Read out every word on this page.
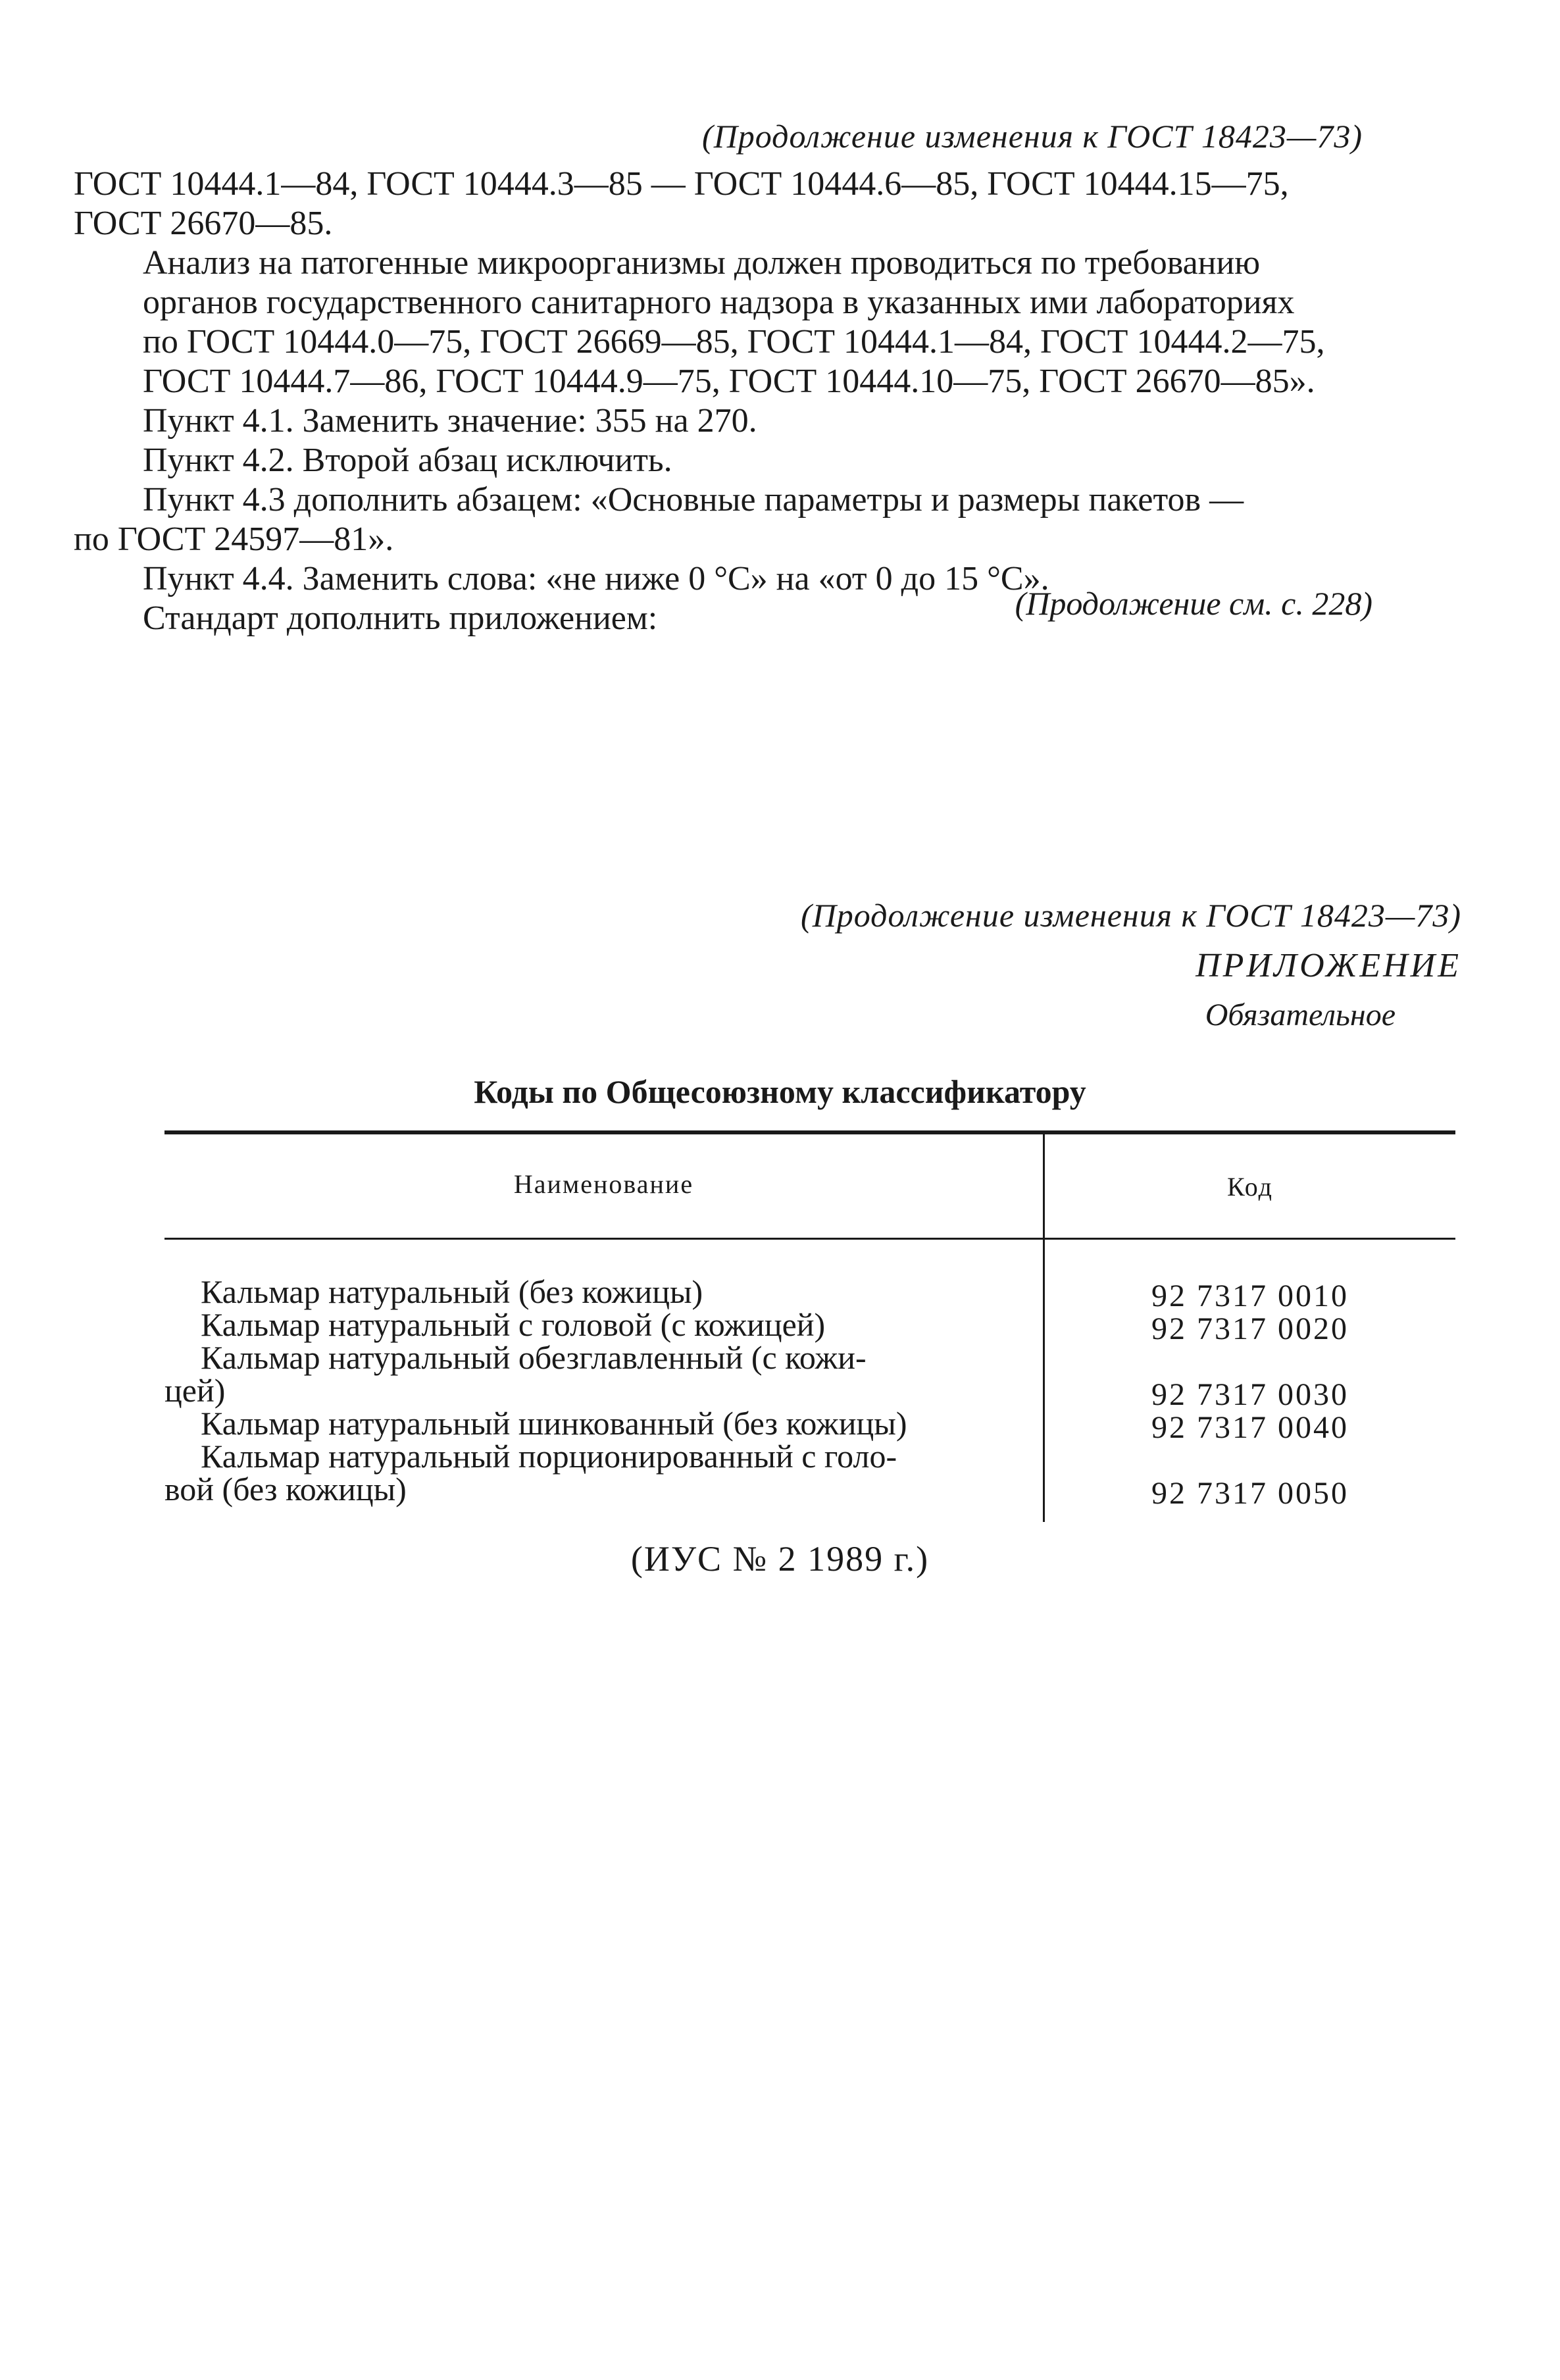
(Продолжение изменения к ГОСТ 18423—73)

ГОСТ 10444.1—84, ГОСТ 10444.3—85 — ГОСТ 10444.6—85, ГОСТ 10444.15—75,
ГОСТ 26670—85.

Анализ на патогенные микроорганизмы должен проводиться по требованию
органов государственного санитарного надзора в указанных ими лабораториях
по ГОСТ 10444.0—75, ГОСТ 26669—85, ГОСТ 10444.1—84, ГОСТ 10444.2—75,
ГОСТ 10444.7—86, ГОСТ 10444.9—75, ГОСТ 10444.10—75, ГОСТ 26670—85».

Пункт 4.1. Заменить значение: 355 на 270.

Пункт 4.2. Второй абзац исключить.

Пункт 4.3 дополнить абзацем: «Основные параметры и размеры пакетов —
по ГОСТ 24597—81».

Пункт 4.4. Заменить слова: «не ниже 0 °С» на «от 0 до 15 °С».

Стандарт дополнить приложением:	(Продолжение см. с. 228)
(Продолжение изменения к ГОСТ 18423—73)
ПРИЛОЖЕНИЕ
Обязательное
Коды по Общесоюзному классификатору
Наименование	Код
Кальмар натуральный (без кожицы)	92 7317 0010
Кальмар натуральный с головой (с кожицей)	92 7317 0020
Кальмар натуральный обезглавленный (с кожи-
цей)	92 7317 0030
Кальмар натуральный шинкованный (без кожицы)	92 7317 0040
Кальмар натуральный порционированный с голо-
вой (без кожицы)	92 7317 0050
(ИУС № 2 1989 г.)
